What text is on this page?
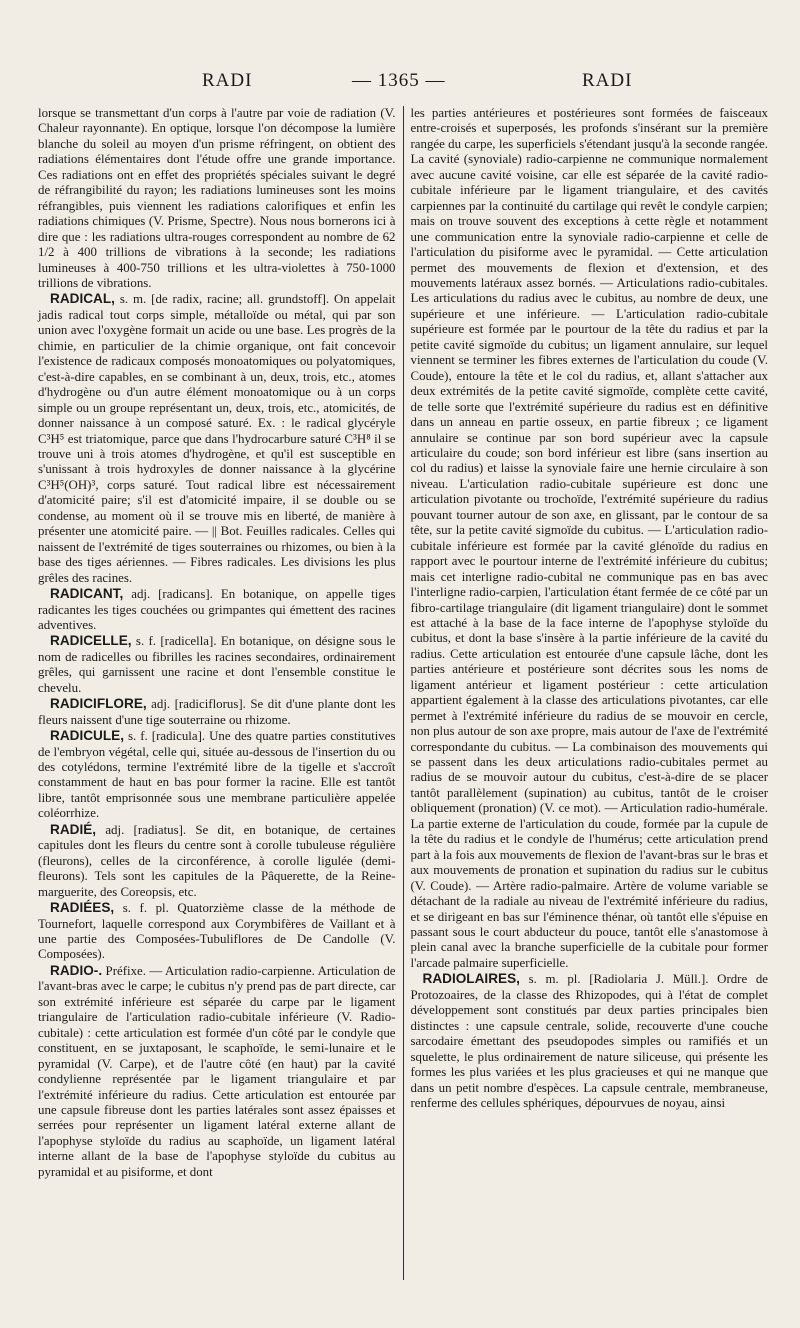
RADI	— 1365 —	RADI

lorsque se transmettant d'un corps à l'autre par voie de radiation (V. Chaleur rayonnante). En optique, lorsque l'on décompose la lumière blanche du soleil au moyen d'un prisme réfringent, on obtient des radiations élémentaires dont l'étude offre une grande importance. Ces radiations ont en effet des propriétés spéciales suivant le degré de réfrangibilité du rayon; les radiations lumineuses sont les moins réfrangibles, puis viennent les radiations calorifiques et enfin les radiations chimiques (V. Prisme, Spectre). Nous nous bornerons ici à dire que : les radiations ultra-rouges correspondent au nombre de 62 1/2 à 400 trillions de vibrations à la seconde; les radiations lumineuses à 400-750 trillions et les ultra-violettes à 750-1000 trillions de vibrations.

RADICAL, s. m. [de radix, racine; all. grundstoff]. On appelait jadis radical tout corps simple, métalloïde ou métal, qui par son union avec l'oxygène formait un acide ou une base. Les progrès de la chimie, en particulier de la chimie organique, ont fait concevoir l'existence de radicaux composés monoatomiques ou polyatomiques, c'est-à-dire capables, en se combinant à un, deux, trois, etc., atomes d'hydrogène ou d'un autre élément monoatomique ou à un corps simple ou un groupe représentant un, deux, trois, etc., atomicités, de donner naissance à un composé saturé. Ex. : le radical glycéryle C³H⁵ est triatomique, parce que dans l'hydrocarbure saturé C³H⁸ il se trouve uni à trois atomes d'hydrogène, et qu'il est susceptible en s'unissant à trois hydroxyles de donner naissance à la glycérine C³H⁵(OH)³, corps saturé. Tout radical libre est nécessairement d'atomicité paire; s'il est d'atomicité impaire, il se double ou se condense, au moment où il se trouve mis en liberté, de manière à présenter une atomicité paire. — || Bot. Feuilles radicales. Celles qui naissent de l'extrémité de tiges souterraines ou rhizomes, ou bien à la base des tiges aériennes. — Fibres radicales. Les divisions les plus grêles des racines.

RADICANT, adj. [radicans]. En botanique, on appelle tiges radicantes les tiges couchées ou grimpantes qui émettent des racines adventives.

RADICELLE, s. f. [radicella]. En botanique, on désigne sous le nom de radicelles ou fibrilles les racines secondaires, ordinairement grêles, qui garnissent une racine et dont l'ensemble constitue le chevelu.

RADICIFLORE, adj. [radiciflorus]. Se dit d'une plante dont les fleurs naissent d'une tige souterraine ou rhizome.

RADICULE, s. f. [radicula]. Une des quatre parties constitutives de l'embryon végétal, celle qui, située au-dessous de l'insertion du ou des cotylédons, termine l'extrémité libre de la tigelle et s'accroît constamment de haut en bas pour former la racine. Elle est tantôt libre, tantôt emprisonnée sous une membrane particulière appelée coléorrhize.

RADIÉ, adj. [radiatus]. Se dit, en botanique, de certaines capitules dont les fleurs du centre sont à corolle tubuleuse régulière (fleurons), celles de la circonférence, à corolle ligulée (demi-fleurons). Tels sont les capitules de la Pâquerette, de la Reine-marguerite, des Coreopsis, etc.

RADIÉES, s. f. pl. Quatorzième classe de la méthode de Tournefort, laquelle correspond aux Corymbifères de Vaillant et à une partie des Composées-Tubuliflores de De Candolle (V. Composées).

RADIO-. Préfixe. — Articulation radio-carpienne. Articulation de l'avant-bras avec le carpe; le cubitus n'y prend pas de part directe, car son extrémité inférieure est séparée du carpe par le ligament triangulaire de l'articulation radio-cubitale inférieure (V. Radio-cubitale) : cette articulation est formée d'un côté par le condyle que constituent, en se juxtaposant, le scaphoïde, le semi-lunaire et le pyramidal (V. Carpe), et de l'autre côté (en haut) par la cavité condylienne représentée par le ligament triangulaire et par l'extrémité inférieure du radius. Cette articulation est entourée par une capsule fibreuse dont les parties latérales sont assez épaisses et serrées pour représenter un ligament latéral externe allant de l'apophyse styloïde du radius au scaphoïde, un ligament latéral interne allant de la base de l'apophyse styloïde du cubitus au pyramidal et au pisiforme, et dont

les parties antérieures et postérieures sont formées de faisceaux entre-croisés et superposés, les profonds s'insérant sur la première rangée du carpe, les superficiels s'étendant jusqu'à la seconde rangée. La cavité (synoviale) radio-carpienne ne communique normalement avec aucune cavité voisine, car elle est séparée de la cavité radio-cubitale inférieure par le ligament triangulaire, et des cavités carpiennes par la continuité du cartilage qui revêt le condyle carpien; mais on trouve souvent des exceptions à cette règle et notamment une communication entre la synoviale radio-carpienne et celle de l'articulation du pisiforme avec le pyramidal. — Cette articulation permet des mouvements de flexion et d'extension, et des mouvements latéraux assez bornés. — Articulations radio-cubitales. Les articulations du radius avec le cubitus, au nombre de deux, une supérieure et une inférieure. — L'articulation radio-cubitale supérieure est formée par le pourtour de la tête du radius et par la petite cavité sigmoïde du cubitus; un ligament annulaire, sur lequel viennent se terminer les fibres externes de l'articulation du coude (V. Coude), entoure la tête et le col du radius, et, allant s'attacher aux deux extrémités de la petite cavité sigmoïde, complète cette cavité, de telle sorte que l'extrémité supérieure du radius est en définitive dans un anneau en partie osseux, en partie fibreux ; ce ligament annulaire se continue par son bord supérieur avec la capsule articulaire du coude; son bord inférieur est libre (sans insertion au col du radius) et laisse la synoviale faire une hernie circulaire à son niveau. L'articulation radio-cubitale supérieure est donc une articulation pivotante ou trochoïde, l'extrémité supérieure du radius pouvant tourner autour de son axe, en glissant, par le contour de sa tête, sur la petite cavité sigmoïde du cubitus. — L'articulation radio-cubitale inférieure est formée par la cavité glénoïde du radius en rapport avec le pourtour interne de l'extrémité inférieure du cubitus; mais cet interligne radio-cubital ne communique pas en bas avec l'interligne radio-carpien, l'articulation étant fermée de ce côté par un fibro-cartilage triangulaire (dit ligament triangulaire) dont le sommet est attaché à la base de la face interne de l'apophyse styloïde du cubitus, et dont la base s'insère à la partie inférieure de la cavité du radius. Cette articulation est entourée d'une capsule lâche, dont les parties antérieure et postérieure sont décrites sous les noms de ligament antérieur et ligament postérieur : cette articulation appartient également à la classe des articulations pivotantes, car elle permet à l'extrémité inférieure du radius de se mouvoir en cercle, non plus autour de son axe propre, mais autour de l'axe de l'extrémité correspondante du cubitus. — La combinaison des mouvements qui se passent dans les deux articulations radio-cubitales permet au radius de se mouvoir autour du cubitus, c'est-à-dire de se placer tantôt parallèlement (supination) au cubitus, tantôt de le croiser obliquement (pronation) (V. ce mot). — Articulation radio-humérale. La partie externe de l'articulation du coude, formée par la cupule de la tête du radius et le condyle de l'humérus; cette articulation prend part à la fois aux mouvements de flexion de l'avant-bras sur le bras et aux mouvements de pronation et supination du radius sur le cubitus (V. Coude). — Artère radio-palmaire. Artère de volume variable se détachant de la radiale au niveau de l'extrémité inférieure du radius, et se dirigeant en bas sur l'éminence thénar, où tantôt elle s'épuise en passant sous le court abducteur du pouce, tantôt elle s'anastomose à plein canal avec la branche superficielle de la cubitale pour former l'arcade palmaire superficielle.

RADIOLAIRES, s. m. pl. [Radiolaria J. Müll.]. Ordre de Protozoaires, de la classe des Rhizopodes, qui à l'état de complet développement sont constitués par deux parties principales bien distinctes : une capsule centrale, solide, recouverte d'une couche sarcodaire émettant des pseudopodes simples ou ramifiés et un squelette, le plus ordinairement de nature siliceuse, qui présente les formes les plus variées et les plus gracieuses et qui ne manque que dans un petit nombre d'espèces. La capsule centrale, membraneuse, renferme des cellules sphériques, dépourvues de noyau, ainsi
